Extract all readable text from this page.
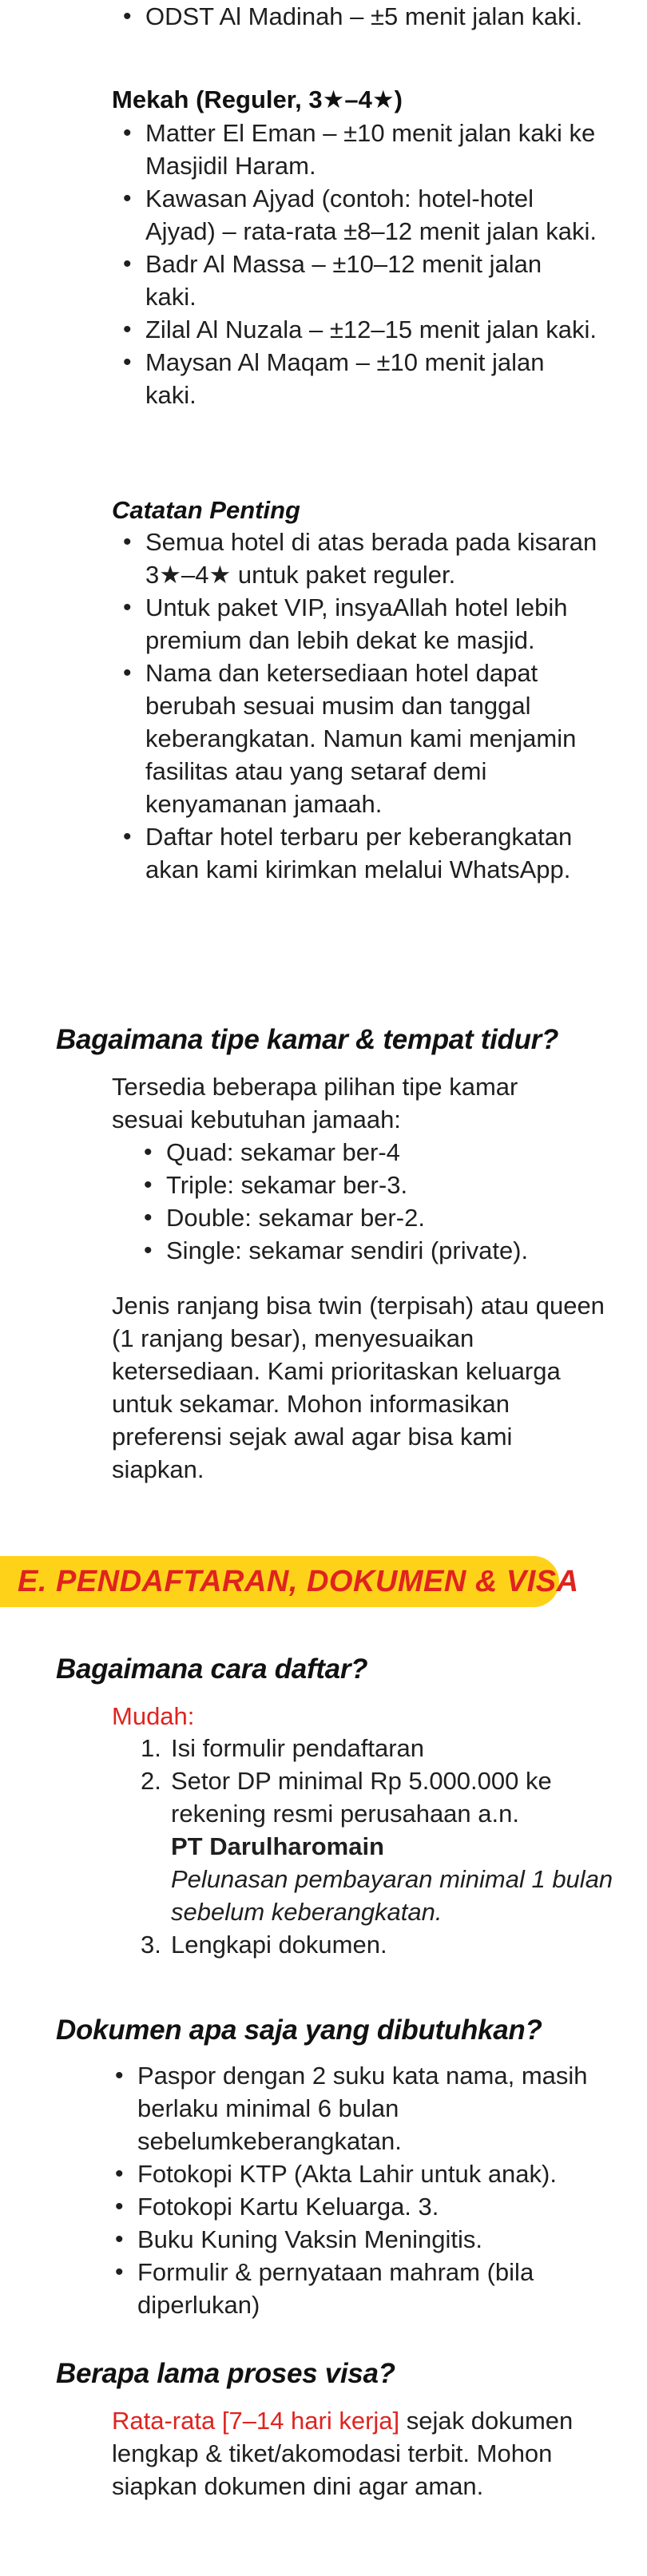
• ODST Al Madinah – ±5 menit jalan kaki.
Mekah (Reguler, 3★–4★)
• Matter El Eman – ±10 menit jalan kaki ke Masjidil Haram.
• Kawasan Ajyad (contoh: hotel-hotel Ajyad) – rata-rata ±8–12 menit jalan kaki.
• Badr Al Massa – ±10–12 menit jalan kaki.
• Zilal Al Nuzala – ±12–15 menit jalan kaki.
• Maysan Al Maqam – ±10 menit jalan kaki.
Catatan Penting
• Semua hotel di atas berada pada kisaran 3★–4★ untuk paket reguler.
• Untuk paket VIP, insyaAllah hotel lebih premium dan lebih dekat ke masjid.
• Nama dan ketersediaan hotel dapat berubah sesuai musim dan tanggal keberangkatan. Namun kami menjamin fasilitas atau yang setaraf demi kenyamanan jamaah.
• Daftar hotel terbaru per keberangkatan akan kami kirimkan melalui WhatsApp.
Bagaimana tipe kamar & tempat tidur?
Tersedia beberapa pilihan tipe kamar sesuai kebutuhan jamaah:
• Quad: sekamar ber-4
• Triple: sekamar ber-3.
• Double: sekamar ber-2.
• Single: sekamar sendiri (private).
Jenis ranjang bisa twin (terpisah) atau queen (1 ranjang besar), menyesuaikan ketersediaan. Kami prioritaskan keluarga untuk sekamar. Mohon informasikan preferensi sejak awal agar bisa kami siapkan.
E. PENDAFTARAN, DOKUMEN & VISA
Bagaimana cara daftar?
Mudah:
1. Isi formulir pendaftaran
2. Setor DP minimal Rp 5.000.000 ke rekening resmi perusahaan a.n.
PT Darulharomain
Pelunasan pembayaran minimal 1 bulan sebelum keberangkatan.
3. Lengkapi dokumen.
Dokumen apa saja yang dibutuhkan?
• Paspor dengan 2 suku kata nama, masih berlaku minimal 6 bulan sebelumkeberangkatan.
• Fotokopi KTP (Akta Lahir untuk anak).
• Fotokopi Kartu Keluarga. 3.
• Buku Kuning Vaksin Meningitis.
• Formulir & pernyataan mahram (bila diperlukan)
Berapa lama proses visa?
Rata-rata [7–14 hari kerja] sejak dokumen lengkap & tiket/akomodasi terbit. Mohon siapkan dokumen dini agar aman.
